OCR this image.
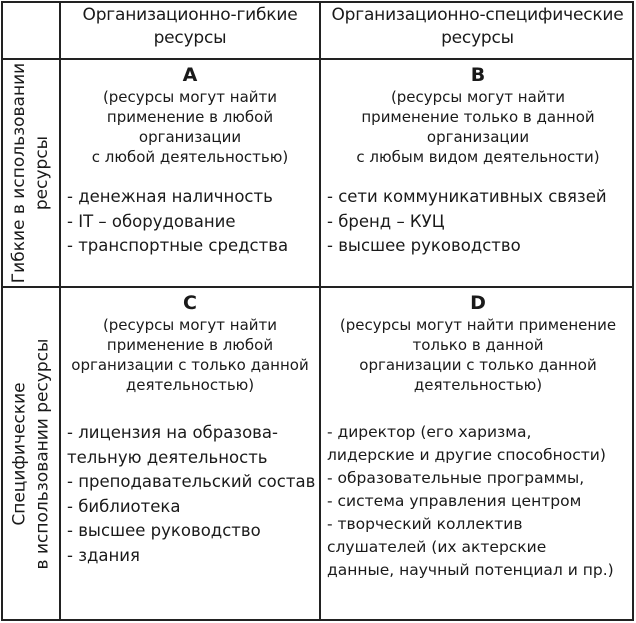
Организационно-гибкие
ресурсы
Организационно-специфические
ресурсы
Гибкие в использовании
ресурсы
Специфические
в использовании ресурсы
A
(ресурсы могут найти
применение в любой
организации
с любой деятельностью)
- денежная наличность
- IT – оборудование
- транспортные средства
B
(ресурсы могут найти
применение только в данной
организации
с любым видом деятельности)
- сети коммуникативных связей
- бренд – КУЦ
- высшее руководство
C
(ресурсы могут найти
применение в любой
организации с только данной
деятельностью)
- лицензия на образова-
тельную деятельность
- преподавательский состав
- библиотека
- высшее руководство
- здания
D
(ресурсы могут найти применение
только в данной
организации с только данной
деятельностью)
- директор (его харизма,
лидерские и другие способности)
- образовательные программы,
- система управления центром
- творческий коллектив
слушателей (их актерские
данные, научный потенциал и пр.)
